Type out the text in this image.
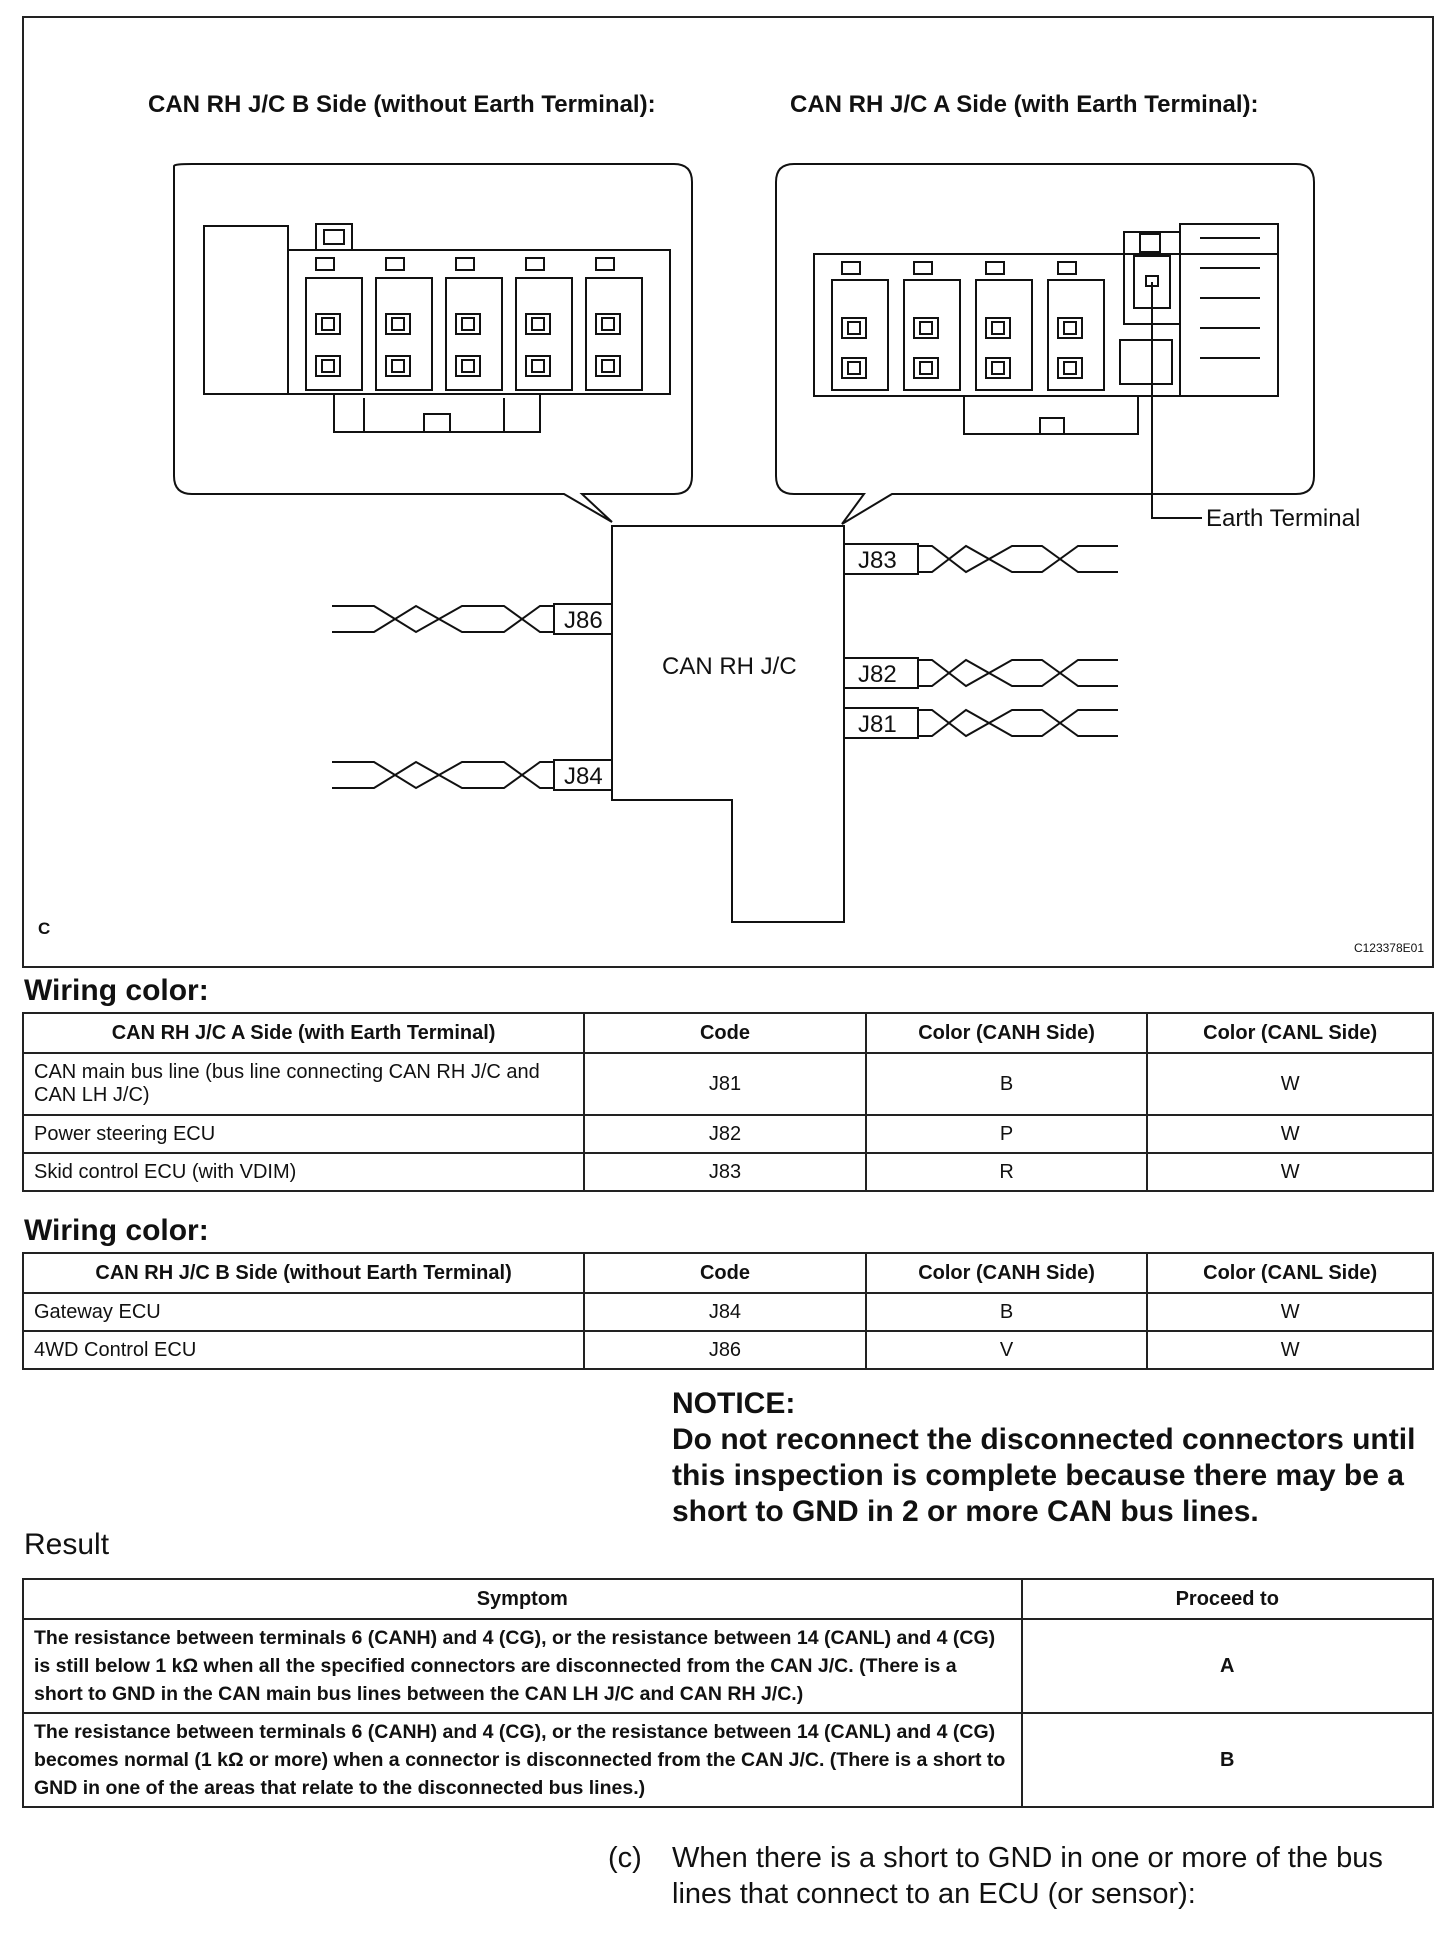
CAN RH J/C B Side (without Earth Terminal):	CAN RH J/C A Side (with Earth Terminal):
Earth Terminal
CAN RH J/C
J86
J84
J83
J82
J81
C
C123378E01
Wiring color:
CAN RH J/C A Side (with Earth Terminal)	Code	Color (CANH Side)	Color (CANL Side)
CAN main bus line (bus line connecting CAN RH J/C and CAN LH J/C)	J81	B	W
Power steering ECU	J82	P	W
Skid control ECU (with VDIM)	J83	R	W
Wiring color:
CAN RH J/C B Side (without Earth Terminal)	Code	Color (CANH Side)	Color (CANL Side)
Gateway ECU	J84	B	W
4WD Control ECU	J86	V	W
NOTICE:
Do not reconnect the disconnected connectors until this inspection is complete because there may be a short to GND in 2 or more CAN bus lines.
Result
Symptom	Proceed to
The resistance between terminals 6 (CANH) and 4 (CG), or the resistance between 14 (CANL) and 4 (CG) is still below 1 kΩ when all the specified connectors are disconnected from the CAN J/C. (There is a short to GND in the CAN main bus lines between the CAN LH J/C and CAN RH J/C.)	A
The resistance between terminals 6 (CANH) and 4 (CG), or the resistance between 14 (CANL) and 4 (CG) becomes normal (1 kΩ or more) when a connector is disconnected from the CAN J/C. (There is a short to GND in one of the areas that relate to the disconnected bus lines.)	B
(c) When there is a short to GND in one or more of the bus lines that connect to an ECU (or sensor):
